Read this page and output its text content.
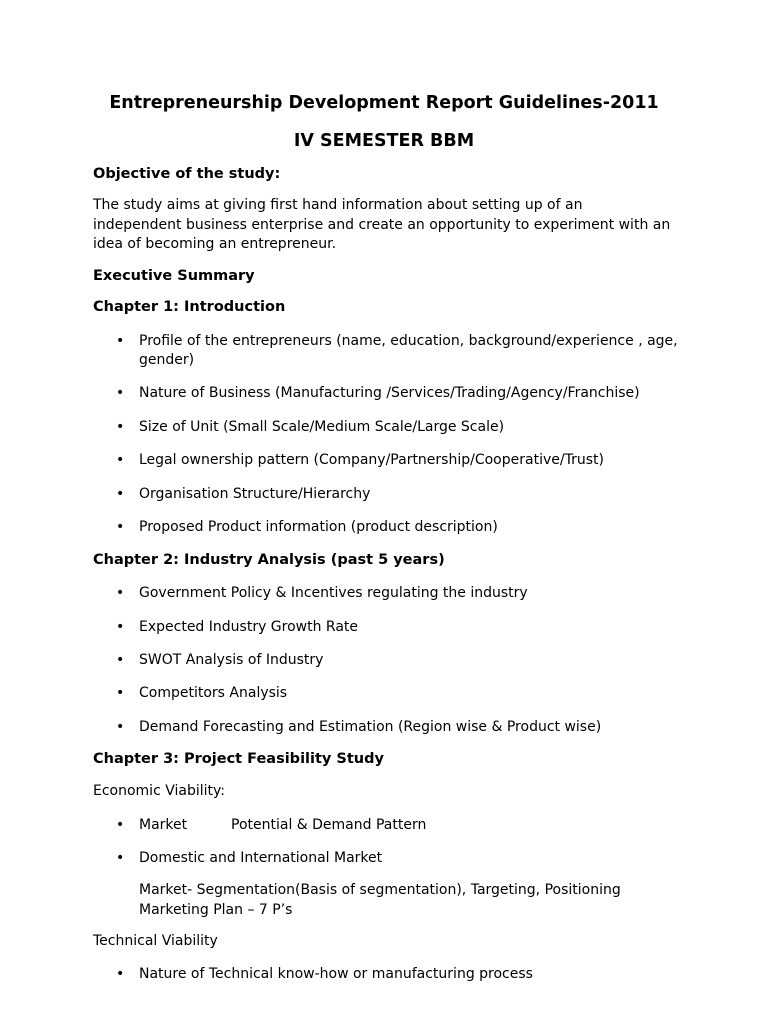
Entrepreneurship Development Report Guidelines-2011
IV SEMESTER BBM
Objective of the study:
The study aims at giving first hand information about setting up of an independent business enterprise and create an opportunity to experiment with an idea of becoming an entrepreneur.
Executive Summary
Chapter 1: Introduction
• Profile of the entrepreneurs (name, education, background/experience , age, gender)
• Nature of Business (Manufacturing /Services/Trading/Agency/Franchise)
• Size of Unit (Small Scale/Medium Scale/Large Scale)
• Legal ownership pattern (Company/Partnership/Cooperative/Trust)
• Organisation Structure/Hierarchy
• Proposed Product information (product description)
Chapter 2: Industry Analysis (past 5 years)
• Government Policy & Incentives regulating the industry
• Expected Industry Growth Rate
• SWOT Analysis of Industry
• Competitors Analysis
• Demand Forecasting and Estimation (Region wise & Product wise)
Chapter 3: Project Feasibility Study
Economic Viability:
• Market	Potential & Demand Pattern
• Domestic and International Market
Market- Segmentation(Basis of segmentation), Targeting, Positioning
Marketing Plan – 7 P’s
Technical Viability
• Nature of Technical know-how or manufacturing process
